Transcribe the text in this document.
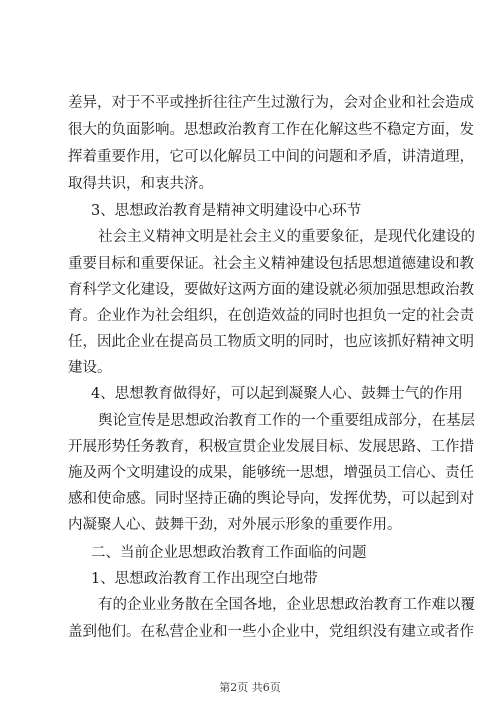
差异，对于不平或挫折往往产生过激行为，会对企业和社会造成
很大的负面影响。思想政治教育工作在化解这些不稳定方面，发
挥着重要作用，它可以化解员工中间的问题和矛盾，讲清道理，
取得共识，和衷共济。
3、思想政治教育是精神文明建设中心环节
社会主义精神文明是社会主义的重要象征，是现代化建设的
重要目标和重要保证。社会主义精神建设包括思想道德建设和教
育科学文化建设，要做好这两方面的建设就必须加强思想政治教
育。企业作为社会组织，在创造效益的同时也担负一定的社会责
任，因此企业在提高员工物质文明的同时，也应该抓好精神文明
建设。
4、思想教育做得好，可以起到凝聚人心、鼓舞士气的作用
舆论宣传是思想政治教育工作的一个重要组成部分，在基层
开展形势任务教育，积极宣贯企业发展目标、发展思路、工作措
施及两个文明建设的成果，能够统一思想，增强员工信心、责任
感和使命感。同时坚持正确的舆论导向，发挥优势，可以起到对
内凝聚人心、鼓舞干劲，对外展示形象的重要作用。
二、当前企业思想政治教育工作面临的问题
1、思想政治教育工作出现空白地带
有的企业业务散在全国各地，企业思想政治教育工作难以覆
盖到他们。在私营企业和一些小企业中，党组织没有建立或者作
第2页 共6页
